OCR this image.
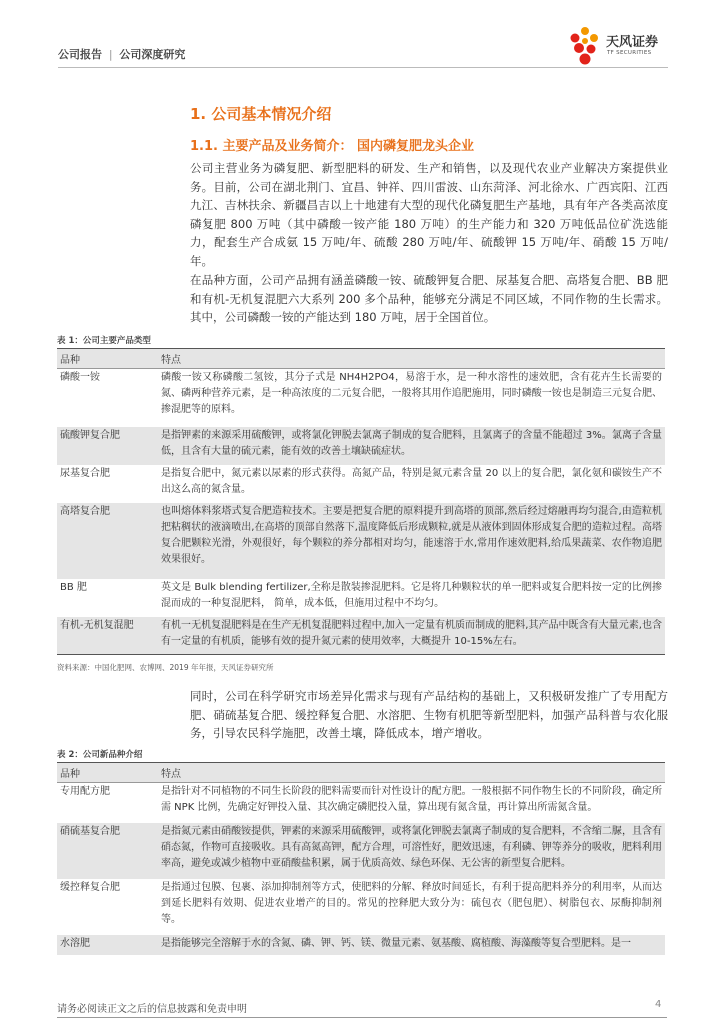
公司报告 | 公司深度研究
天风证券
TF SECURITIES
1. 公司基本情况介绍
1.1. 主要产品及业务简介： 国内磷复肥龙头企业

公司主营业务为磷复肥、新型肥料的研发、生产和销售，以及现代农业产业解决方案提供业务。目前，公司在湖北荆门、宜昌、钟祥、四川雷波、山东菏泽、河北徐水、广西宾阳、江西九江、吉林扶余、新疆昌吉以上十地建有大型的现代化磷复肥生产基地，具有年产各类高浓度磷复肥 800 万吨（其中磷酸一铵产能 180 万吨）的生产能力和 320 万吨低品位矿洗选能力，配套生产合成氨 15 万吨/年、硫酸 280 万吨/年、硫酸钾 15 万吨/年、硝酸 15 万吨/年。

在品种方面，公司产品拥有涵盖磷酸一铵、硫酸钾复合肥、尿基复合肥、高塔复合肥、BB 肥和有机-无机复混肥六大系列 200 多个品种，能够充分满足不同区域，不同作物的生长需求。其中，公司磷酸一铵的产能达到 180 万吨，居于全国首位。

表 1：公司主要产品类型
品种	特点
磷酸一铵	磷酸一铵又称磷酸二氢铵，其分子式是 NH4H2PO4，易溶于水，是一种水溶性的速效肥，含有花卉生长需要的氮、磷两种营养元素，是一种高浓度的二元复合肥，一般将其用作追肥施用，同时磷酸一铵也是制造三元复合肥、掺混肥等的原料。
硫酸钾复合肥	是指钾素的来源采用硫酸钾，或将氯化钾脱去氯离子制成的复合肥料，且氯离子的含量不能超过 3%。氯离子含量低，且含有大量的硫元素，能有效的改善土壤缺硫症状。
尿基复合肥	是指复合肥中，氮元素以尿素的形式获得。高氮产品，特别是氮元素含量 20 以上的复合肥，氯化氨和碳铵生产不出这么高的氮含量。
高塔复合肥	也叫熔体料浆塔式复合肥造粒技术。主要是把复合肥的原料提升到高塔的顶部,然后经过熔融再均匀混合,由造粒机把粘稠状的液滴喷出,在高塔的顶部自然落下,温度降低后形成颗粒,就是从液体到固体形成复合肥的造粒过程。高塔复合肥颗粒光滑，外观很好，每个颗粒的养分都相对均匀，能速溶于水,常用作速效肥料,给瓜果蔬菜、农作物追肥效果很好。
BB 肥	英文是 Bulk blending fertilizer,全称是散装掺混肥料。它是将几种颗粒状的单一肥料或复合肥料按一定的比例掺混而成的一种复混肥料， 简单，成本低，但施用过程中不均匀。
有机-无机复混肥	有机一无机复混肥料是在生产无机复混肥料过程中,加入一定量有机质而制成的肥料,其产品中既含有大量元素,也含有一定量的有机质，能够有效的提升氮元素的使用效率，大概提升 10-15%左右。
资料来源：中国化肥网、农博网、2019 年年报，天风证券研究所

同时，公司在科学研究市场差异化需求与现有产品结构的基础上，又积极研发推广了专用配方肥、硝硫基复合肥、缓控释复合肥、水溶肥、生物有机肥等新型肥料，加强产品科普与农化服务，引导农民科学施肥，改善土壤，降低成本，增产增收。

表 2：公司新品种介绍
品种	特点
专用配方肥	是指针对不同植物的不同生长阶段的肥料需要而针对性设计的配方肥。一般根据不同作物生长的不同阶段，确定所需 NPK 比例，先确定好钾投入量、其次确定磷肥投入量，算出现有氮含量，再计算出所需氮含量。
硝硫基复合肥	是指氮元素由硝酸铵提供，钾素的来源采用硫酸钾，或将氯化钾脱去氯离子制成的复合肥料，不含缩二脲，且含有硝态氮，作物可直接吸收。具有高氮高钾，配方合理，可溶性好，肥效迅速，有利磷、钾等养分的吸收，肥料利用率高，避免或减少植物中亚硝酸盐积累，属于优质高效、绿色环保、无公害的新型复合肥料。
缓控释复合肥	是指通过包膜、包裹、添加抑制剂等方式，使肥料的分解、释放时间延长，有利于提高肥料养分的利用率，从而达到延长肥料有效期、促进农业增产的目的。常见的控释肥大致分为：硫包衣（肥包肥）、树脂包衣、尿酶抑制剂等。
水溶肥	是指能够完全溶解于水的含氮、磷、钾、钙、镁、微量元素、氨基酸、腐植酸、海藻酸等复合型肥料。是一
请务必阅读正文之后的信息披露和免责申明	4
